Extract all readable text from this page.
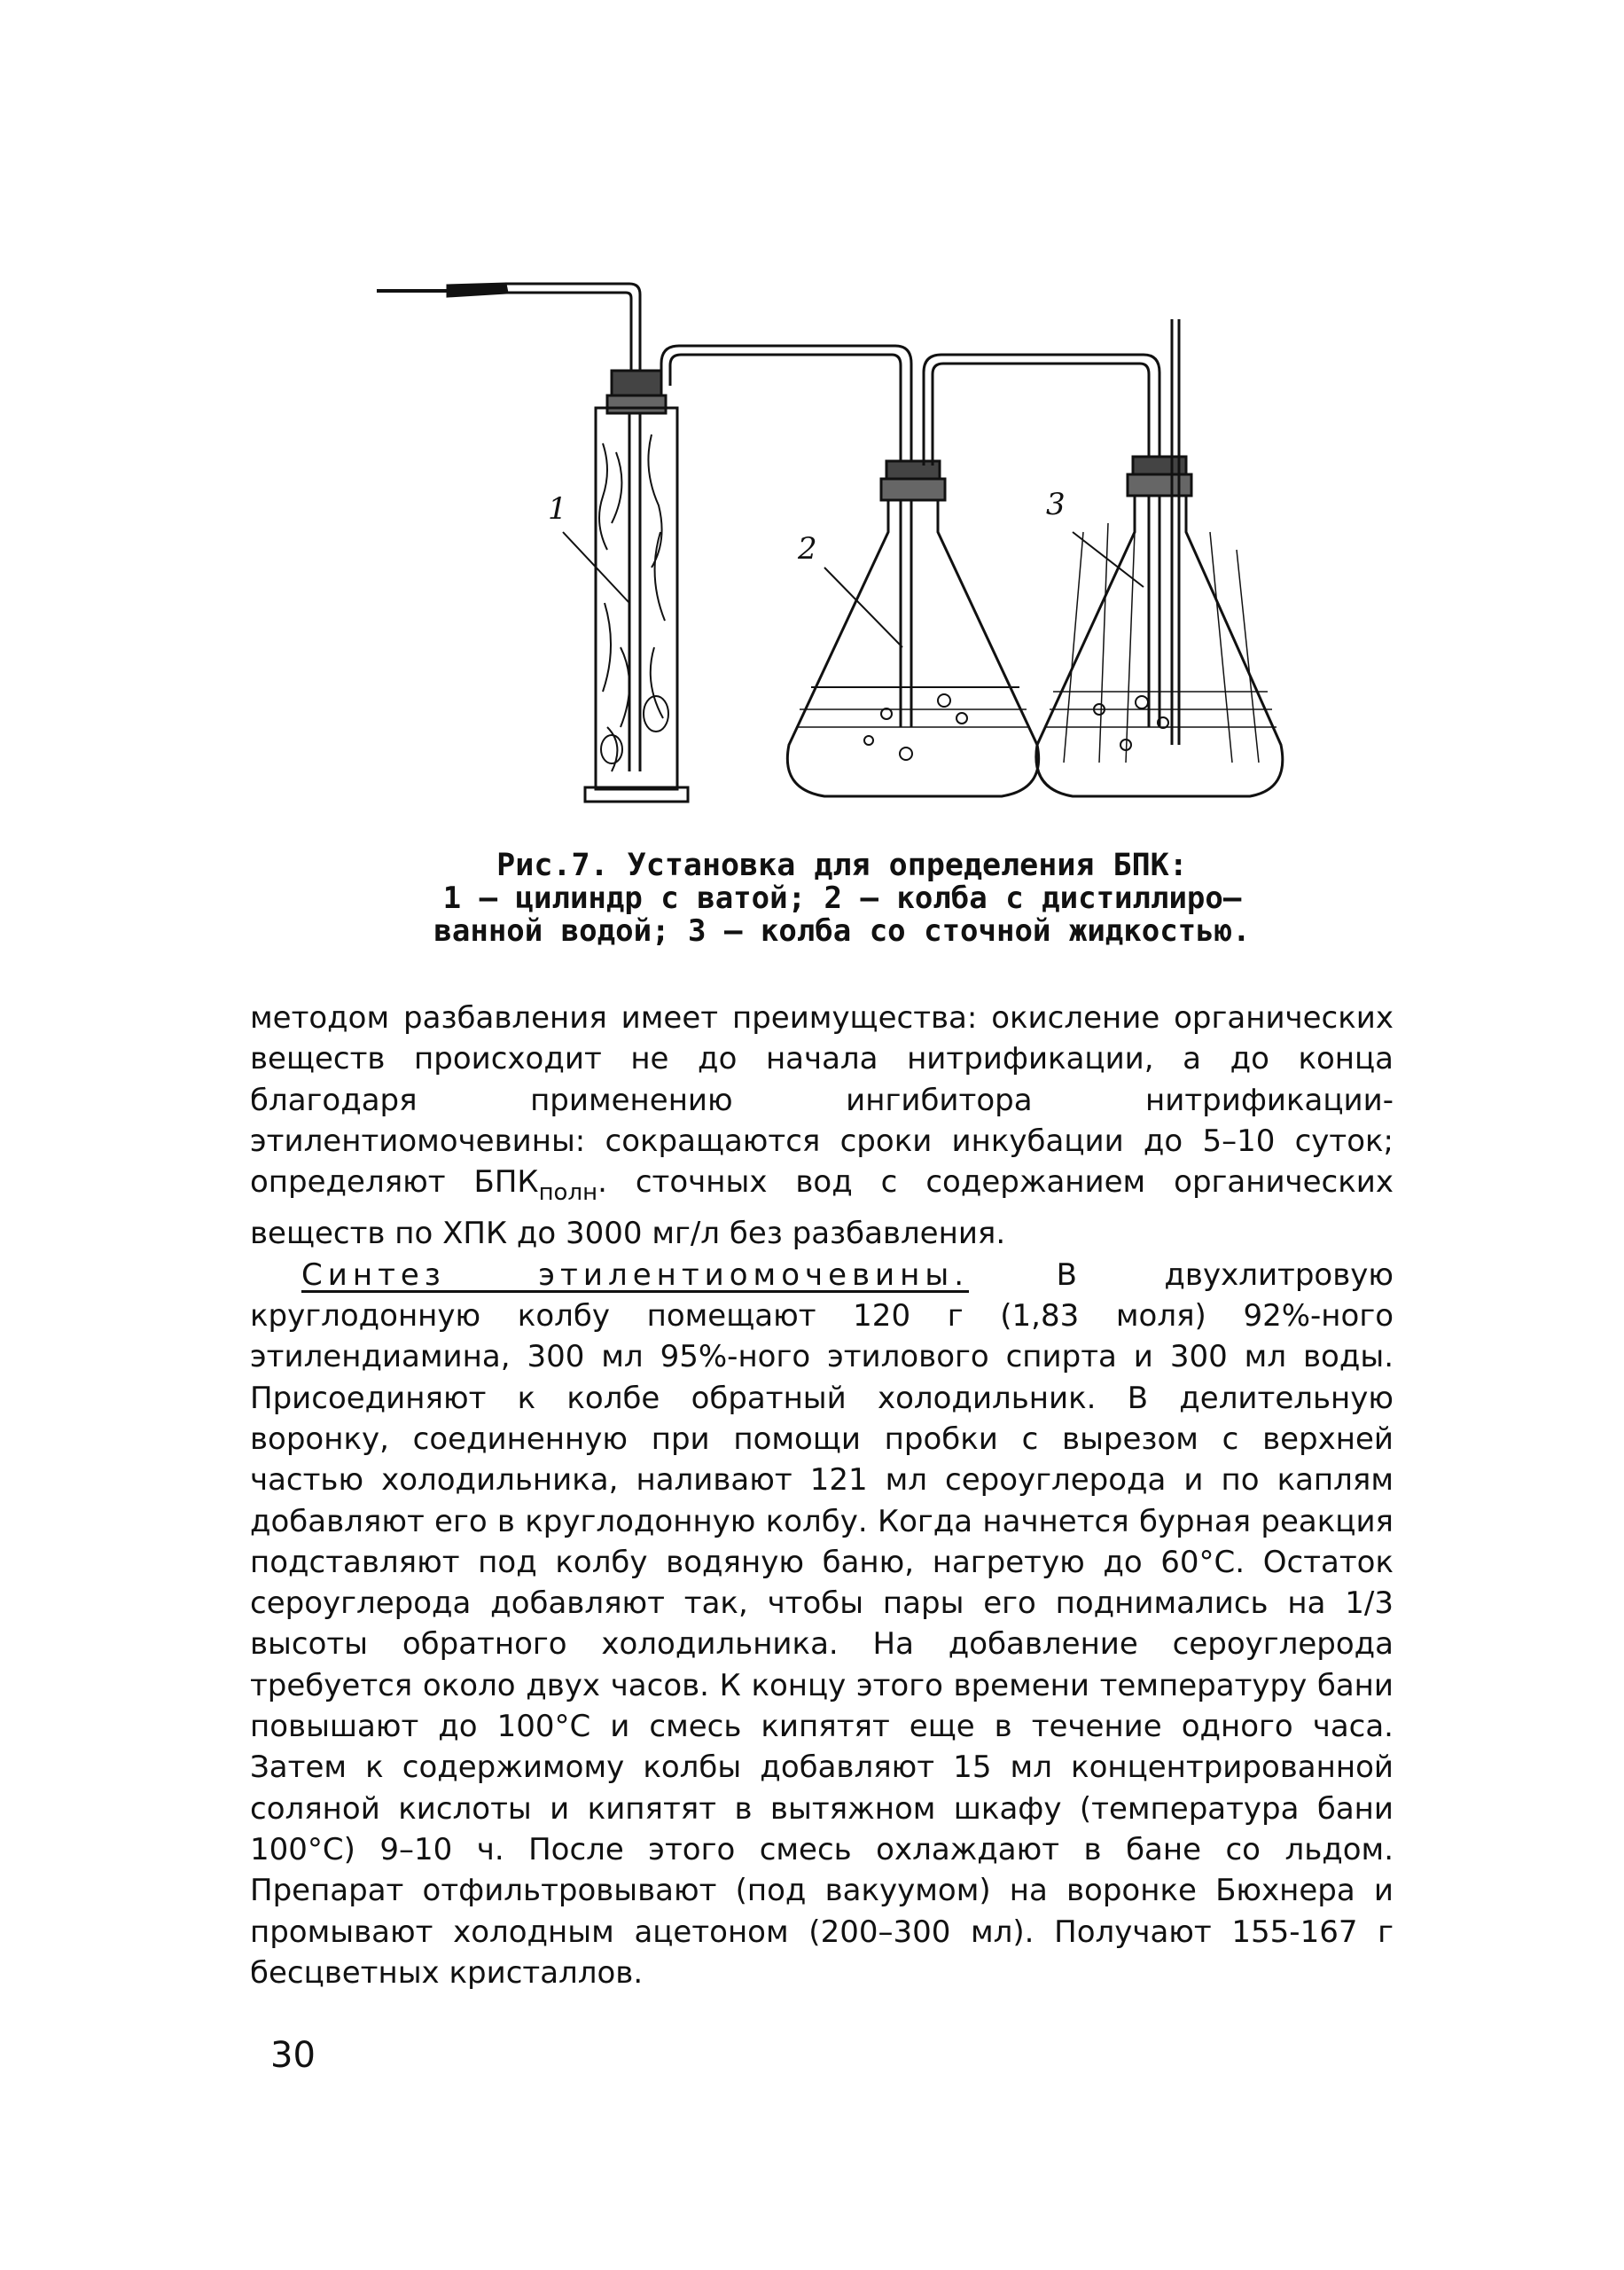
1
2
3
Рис.7. Установка для определения БПК:
1 – цилиндр с ватой; 2 – колба с дистиллиро–
ванной водой; 3 – колба со сточной жидкостью.

методом разбавления имеет преимущества: окисление органических веществ происходит не до начала нитрификации, а до конца благодаря применению ингибитора нитрификации-этилентиомочевины: сокращаются сроки инкубации до 5–10 суток; определяют $БПК_{полн}$. сточных вод с содержанием органических веществ по ХПК до 3000 мг/л без разбавления.

Синтез этилентиомочевины. В двухлитровую круглодонную колбу помещают 120 г (1,83 моля) 92%-ного этилендиамина, 300 мл 95%-ного этилового спирта и 300 мл воды. Присоединяют к колбе обратный холодильник. В делительную воронку, соединенную при помощи пробки с вырезом с верхней частью холодильника, наливают 121 мл сероуглерода и по каплям добавляют его в круглодонную колбу. Когда начнется бурная реакция подставляют под колбу водяную баню, нагретую до 60°С. Остаток сероуглерода добавляют так, чтобы пары его поднимались на 1/3 высоты обратного холодильника. На добавление сероуглерода требуется около двух часов. К концу этого времени температуру бани повышают до 100°С и смесь кипятят еще в течение одного часа. Затем к содержимому колбы добавляют 15 мл концентрированной соляной кислоты и кипятят в вытяжном шкафу (температура бани 100°С) 9–10 ч. После этого смесь охлаждают в бане со льдом. Препарат отфильтровывают (под вакуумом) на воронке Бюхнера и промывают холодным ацетоном (200–300 мл). Получают 155-167 г бесцветных кристаллов.

30
